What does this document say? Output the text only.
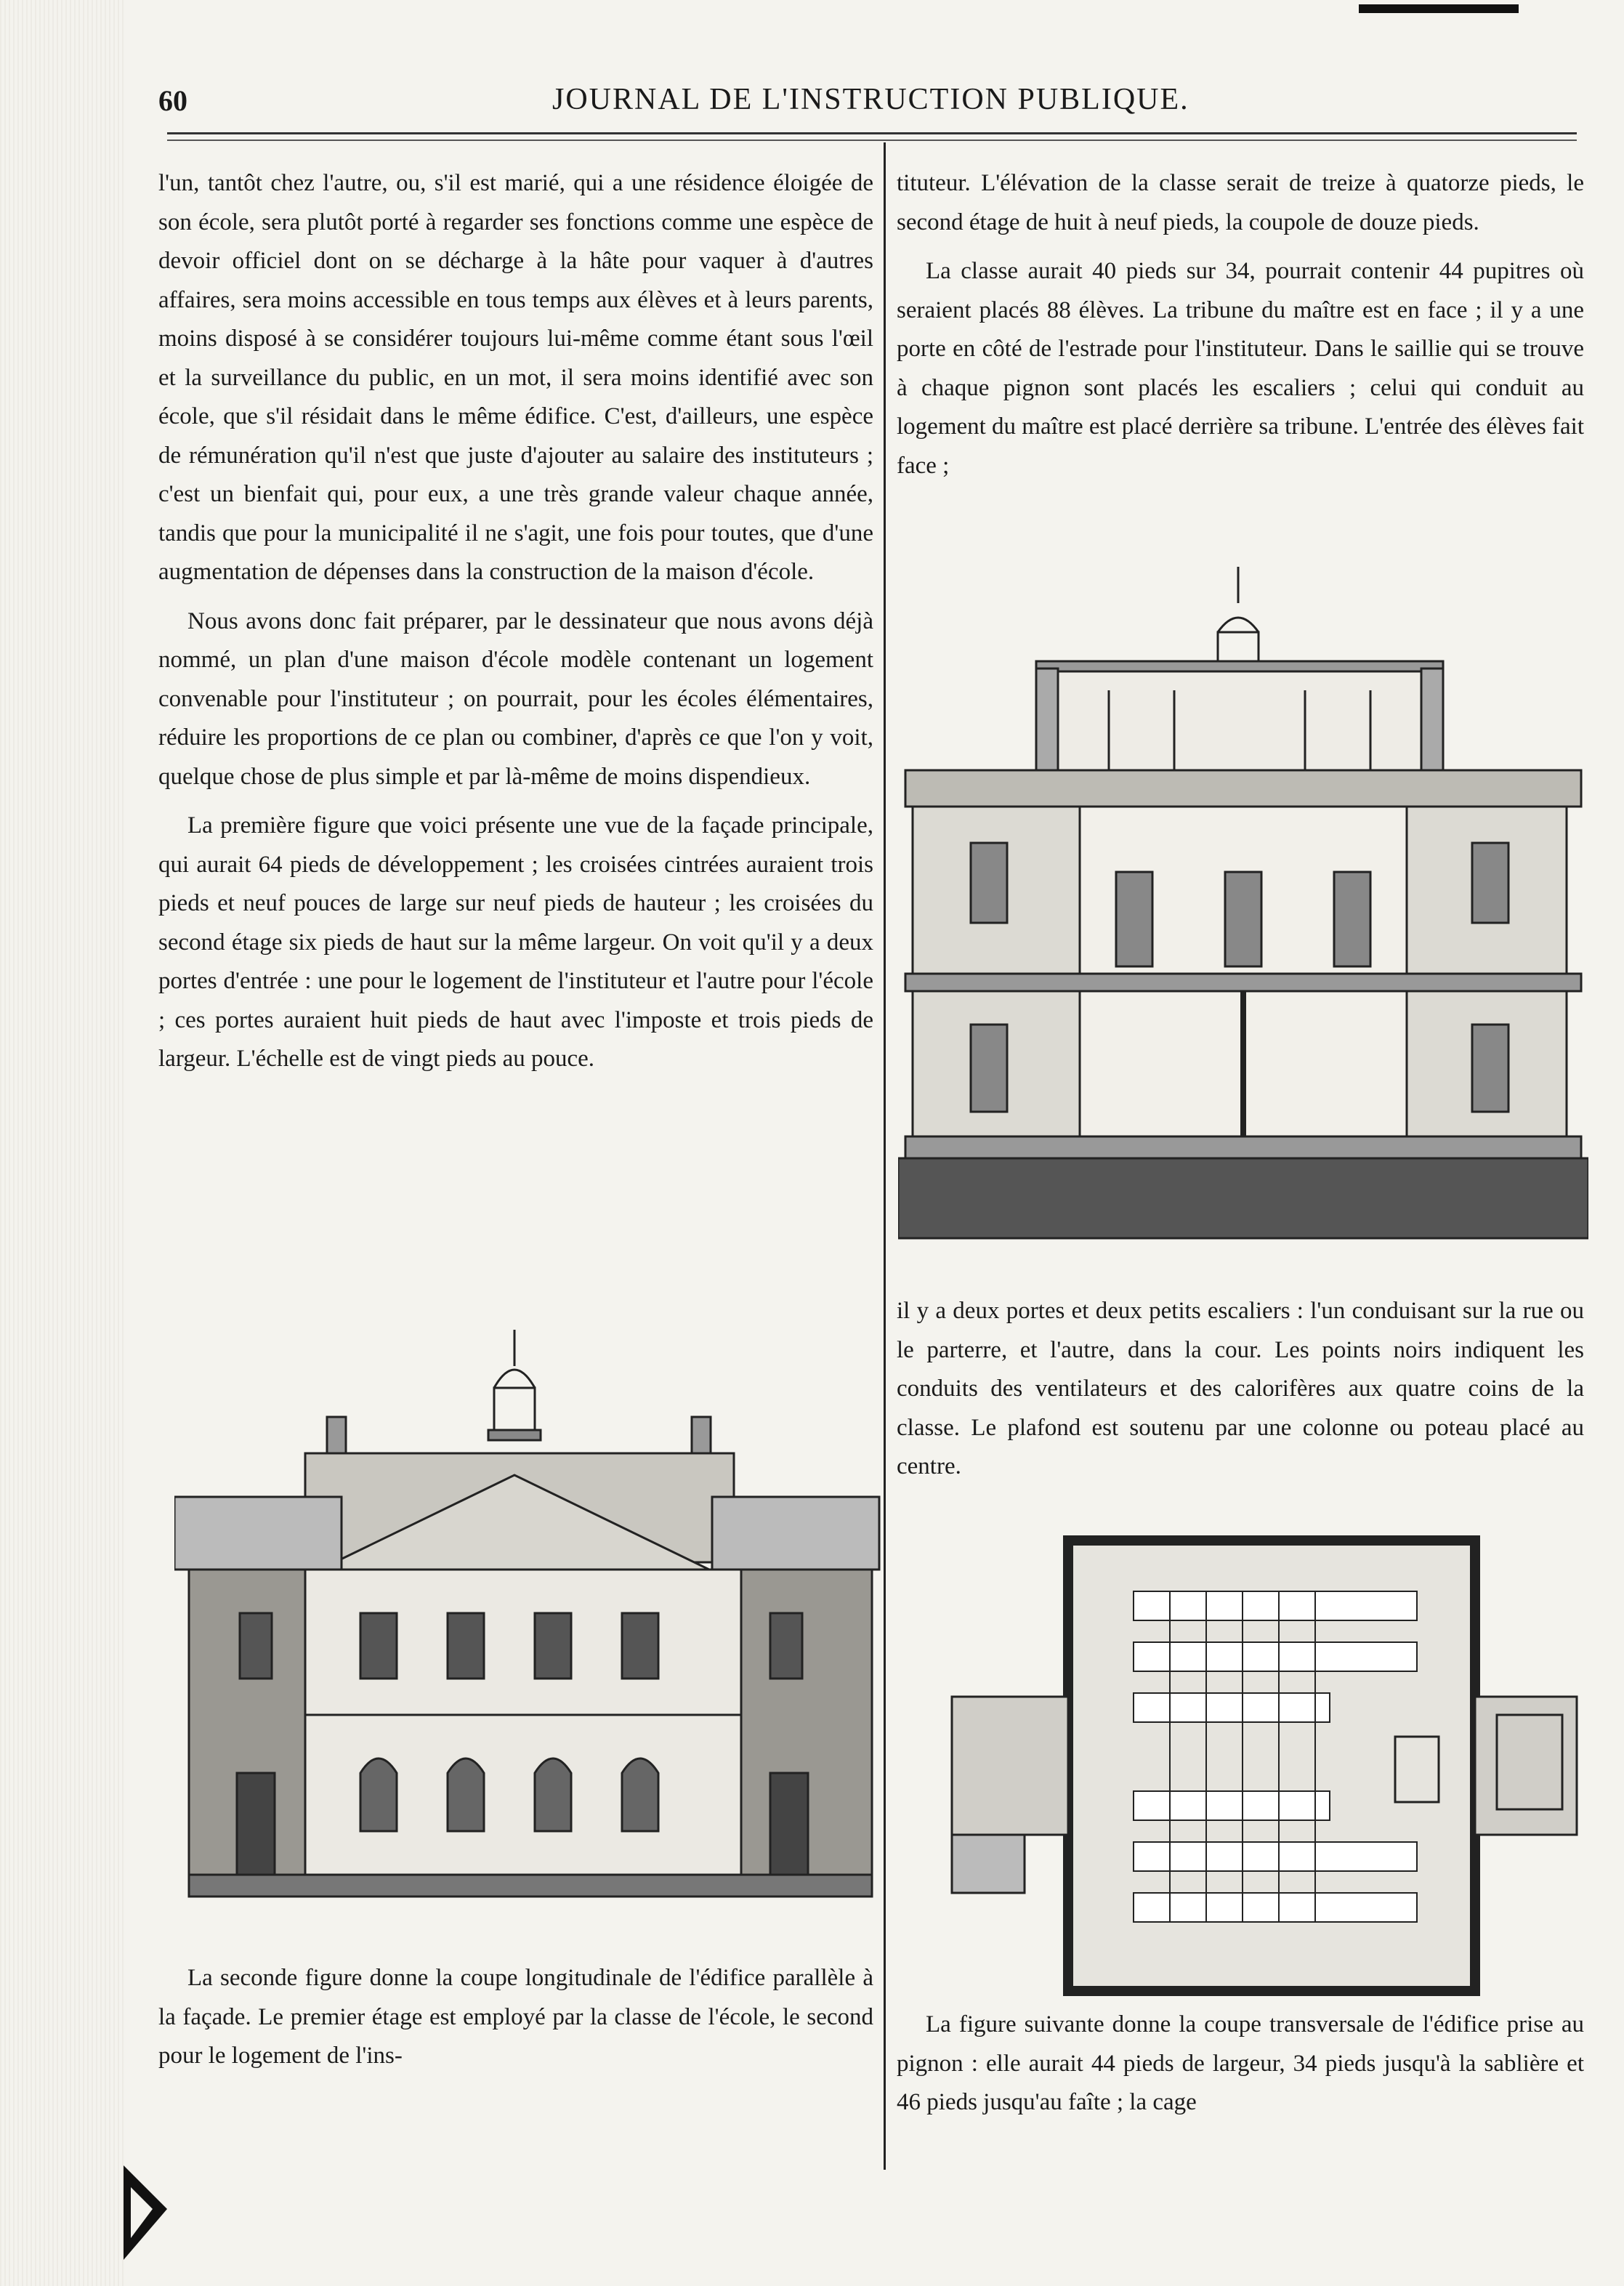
60	JOURNAL DE L'INSTRUCTION PUBLIQUE.

l'un, tantôt chez l'autre, ou, s'il est marié, qui a une résidence éloigée de son école, sera plutôt porté à regarder ses fonctions comme une espèce de devoir officiel dont on se décharge à la hâte pour vaquer à d'autres affaires, sera moins accessible en tous temps aux élèves et à leurs parents, moins disposé à se considérer toujours lui-même comme étant sous l'œil et la surveillance du public, en un mot, il sera moins identifié avec son école, que s'il résidait dans le même édifice. C'est, d'ailleurs, une espèce de rémunération qu'il n'est que juste d'ajouter au salaire des instituteurs ; c'est un bienfait qui, pour eux, a une très grande valeur chaque année, tandis que pour la municipalité il ne s'agit, une fois pour toutes, que d'une augmentation de dépenses dans la construction de la maison d'école.

Nous avons donc fait préparer, par le dessinateur que nous avons déjà nommé, un plan d'une maison d'école modèle contenant un logement convenable pour l'instituteur ; on pourrait, pour les écoles élémentaires, réduire les proportions de ce plan ou combiner, d'après ce que l'on y voit, quelque chose de plus simple et par là-même de moins dispendieux.

La première figure que voici présente une vue de la façade principale, qui aurait 64 pieds de développement ; les croisées cintrées auraient trois pieds et neuf pouces de large sur neuf pieds de hauteur ; les croisées du second étage six pieds de haut sur la même largeur. On voit qu'il y a deux portes d'entrée : une pour le logement de l'instituteur et l'autre pour l'école ; ces portes auraient huit pieds de haut avec l'imposte et trois pieds de largeur. L'échelle est de vingt pieds au pouce.

La seconde figure donne la coupe longitudinale de l'édifice parallèle à la façade. Le premier étage est employé par la classe de l'école, le second pour le logement de l'ins-

tituteur. L'élévation de la classe serait de treize à quatorze pieds, le second étage de huit à neuf pieds, la coupole de douze pieds.

La classe aurait 40 pieds sur 34, pourrait contenir 44 pupitres où seraient placés 88 élèves. La tribune du maître est en face ; il y a une porte en côté de l'estrade pour l'instituteur. Dans le saillie qui se trouve à chaque pignon sont placés les escaliers ; celui qui conduit au logement du maître est placé derrière sa tribune. L'entrée des élèves fait face ;

il y a deux portes et deux petits escaliers : l'un conduisant sur la rue ou le parterre, et l'autre, dans la cour. Les points noirs indiquent les conduits des ventilateurs et des calorifères aux quatre coins de la classe. Le plafond est soutenu par une colonne ou poteau placé au centre.

La figure suivante donne la coupe transversale de l'édifice prise au pignon : elle aurait 44 pieds de largeur, 34 pieds jusqu'à la sablière et 46 pieds jusqu'au faîte ; la cage
